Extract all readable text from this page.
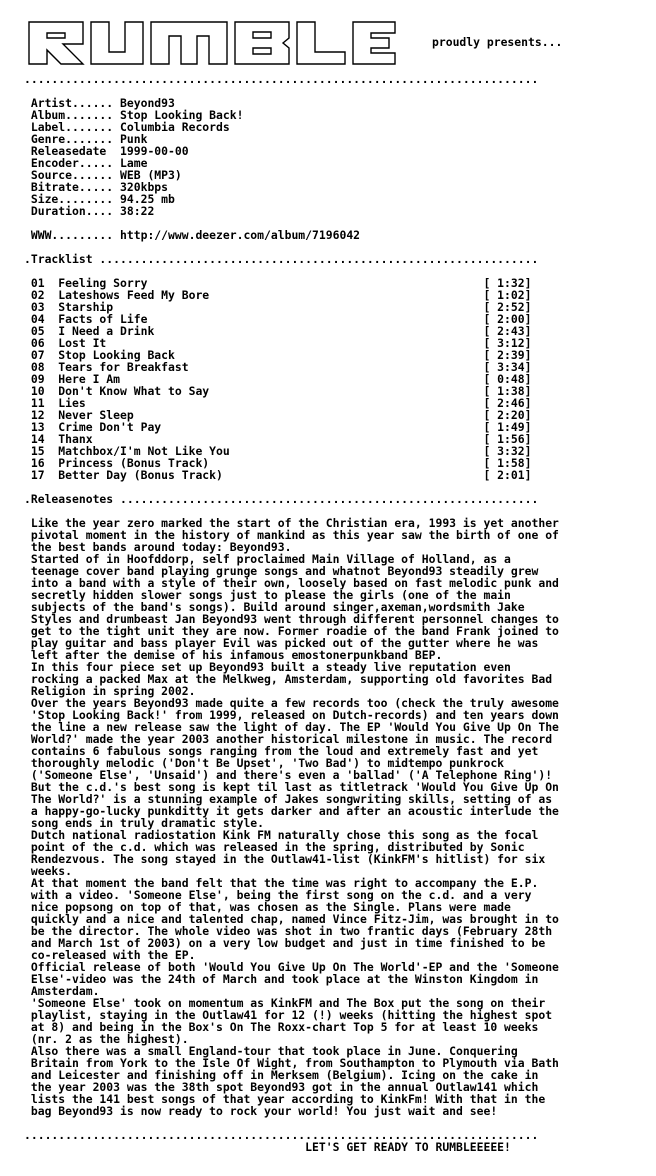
proudly presents...
...........................................................................

Artist...... Beyond93
Album....... Stop Looking Back!
Label....... Columbia Records
Genre....... Punk
Releasedate  1999-00-00
Encoder..... Lame
Source...... WEB (MP3)
Bitrate..... 320kbps
Size........ 94.25 mb
Duration.... 38:22

WWW......... http://www.deezer.com/album/7196042

.Tracklist ................................................................

01  Feeling Sorry                                                 [ 1:32]
02  Lateshows Feed My Bore                                        [ 1:02]
03  Starship                                                      [ 2:52]
04  Facts of Life                                                 [ 2:00]
05  I Need a Drink                                                [ 2:43]
06  Lost It                                                       [ 3:12]
07  Stop Looking Back                                             [ 2:39]
08  Tears for Breakfast                                           [ 3:34]
09  Here I Am                                                     [ 0:48]
10  Don't Know What to Say                                        [ 1:38]
11  Lies                                                          [ 2:46]
12  Never Sleep                                                   [ 2:20]
13  Crime Don't Pay                                               [ 1:49]
14  Thanx                                                         [ 1:56]
15  Matchbox/I'm Not Like You                                     [ 3:32]
16  Princess (Bonus Track)                                        [ 1:58]
17  Better Day (Bonus Track)                                      [ 2:01]

.Releasenotes .............................................................

Like the year zero marked the start of the Christian era, 1993 is yet another
pivotal moment in the history of mankind as this year saw the birth of one of
the best bands around today: Beyond93.
Started of in Hoofddorp, self proclaimed Main Village of Holland, as a
teenage cover band playing grunge songs and whatnot Beyond93 steadily grew
into a band with a style of their own, loosely based on fast melodic punk and
secretly hidden slower songs just to please the girls (one of the main
subjects of the band's songs). Build around singer,axeman,wordsmith Jake
Styles and drumbeast Jan Beyond93 went through different personnel changes to
get to the tight unit they are now. Former roadie of the band Frank joined to
play guitar and bass player Evil was picked out of the gutter where he was
left after the demise of his infamous emostonerpunkband BEP.
In this four piece set up Beyond93 built a steady live reputation even
rocking a packed Max at the Melkweg, Amsterdam, supporting old favorites Bad
Religion in spring 2002.
Over the years Beyond93 made quite a few records too (check the truly awesome
'Stop Looking Back!' from 1999, released on Dutch-records) and ten years down
the line a new release saw the light of day. The EP 'Would You Give Up On The
World?' made the year 2003 another historical milestone in music. The record
contains 6 fabulous songs ranging from the loud and extremely fast and yet
thoroughly melodic ('Don't Be Upset', 'Two Bad') to midtempo punkrock
('Someone Else', 'Unsaid') and there's even a 'ballad' ('A Telephone Ring')!
But the c.d.'s best song is kept til last as titletrack 'Would You Give Up On
The World?' is a stunning example of Jakes songwriting skills, setting of as
a happy-go-lucky punkditty it gets darker and after an acoustic interlude the
song ends in truly dramatic style.
Dutch national radiostation Kink FM naturally chose this song as the focal
point of the c.d. which was released in the spring, distributed by Sonic
Rendezvous. The song stayed in the Outlaw41-list (KinkFM's hitlist) for six
weeks.
At that moment the band felt that the time was right to accompany the E.P.
with a video. 'Someone Else', being the first song on the c.d. and a very
nice popsong on top of that, was chosen as the Single. Plans were made
quickly and a nice and talented chap, named Vince Fitz-Jim, was brought in to
be the director. The whole video was shot in two frantic days (February 28th
and March 1st of 2003) on a very low budget and just in time finished to be
co-released with the EP.
Official release of both 'Would You Give Up On The World'-EP and the 'Someone
Else'-video was the 24th of March and took place at the Winston Kingdom in
Amsterdam.
'Someone Else' took on momentum as KinkFM and The Box put the song on their
playlist, staying in the Outlaw41 for 12 (!) weeks (hitting the highest spot
at 8) and being in the Box's On The Roxx-chart Top 5 for at least 10 weeks
(nr. 2 as the highest).
Also there was a small England-tour that took place in June. Conquering
Britain from York to the Isle Of Wight, from Southampton to Plymouth via Bath
and Leicester and finishing off in Merksem (Belgium). Icing on the cake in
the year 2003 was the 38th spot Beyond93 got in the annual Outlaw141 which
lists the 141 best songs of that year according to KinkFm! With that in the
bag Beyond93 is now ready to rock your world! You just wait and see!

...........................................................................
LET'S GET READY TO RUMBLEEEEE!
